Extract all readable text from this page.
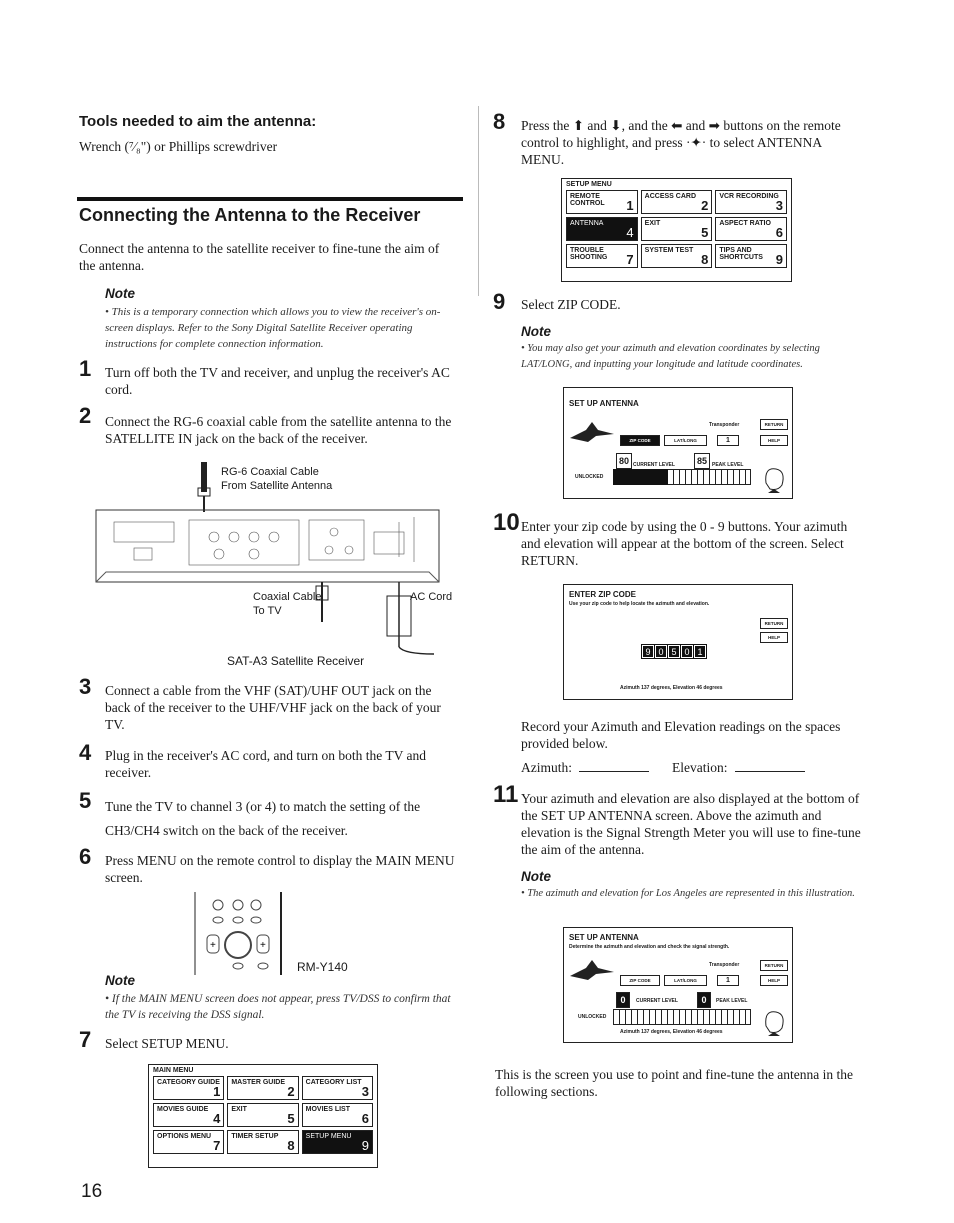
Tools needed to aim the antenna:
Wrench (⁷⁄₈") or Phillips screwdriver
Connecting the Antenna to the Receiver
Connect the antenna to the satellite receiver to fine-tune the aim of the antenna.
Note
• This is a temporary connection which allows you to view the receiver's on-screen displays. Refer to the Sony Digital Satellite Receiver operating instructions for complete connection information.
1 Turn off both the TV and receiver, and unplug the receiver's AC cord.
2 Connect the RG-6 coaxial cable from the satellite antenna to the SATELLITE IN jack on the back of the receiver.
RG-6 Coaxial Cable
From Satellite Antenna
Coaxial Cable
To TV
AC Cord
SAT-A3 Satellite Receiver
3 Connect a cable from the VHF (SAT)/UHF OUT jack on the back of the receiver to the UHF/VHF jack on the back of your TV.
4 Plug in the receiver's AC cord, and turn on both the TV and receiver.
5 Tune the TV to channel 3 (or 4) to match the setting of the CH3/CH4 switch on the back of the receiver.
6 Press MENU on the remote control to display the MAIN MENU screen.
+	+
RM-Y140
Note
• If the MAIN MENU screen does not appear, press TV/DSS to confirm that the TV is receiving the DSS signal.
7 Select SETUP MENU.
MAIN MENU
CATEGORY GUIDE
1
MASTER GUIDE
2
CATEGORY LIST
3
MOVIES GUIDE
4
EXIT
5
MOVIES LIST
6
OPTIONS MENU
7
TIMER SETUP
8
SETUP MENU
9
16
8 Press the ⬆ and ⬇, and the ⬅ and ➡ buttons on the remote control to highlight, and press ·✦· to select ANTENNA MENU.
SETUP MENU
REMOTE CONTROL 1
ACCESS CARD
2
VCR RECORDING
3
ANTENNA
4
EXIT
5
ASPECT RATIO
6
TROUBLE SHOOTING 7
SYSTEM TEST
8
TIPS AND SHORTCUTS 9
9 Select ZIP CODE.
Note
• You may also get your azimuth and elevation coordinates by selecting LAT/LONG, and inputting your longitude and latitude coordinates.
SET UP ANTENNA
Transponder	RETURN
ZIP CODE	LAT/LONG	1	HELP
80 CURRENT LEVEL	85	PEAK LEVEL
UNLOCKED
10 Enter your zip code by using the 0 - 9 buttons. Your azimuth and elevation will appear at the bottom of the screen. Select RETURN.
ENTER ZIP CODE
Use your zip code to help locate the azimuth and elevation.
RETURN
HELP
9 0 5 0 1
Azimuth 137 degrees, Elevation 46 degrees
Record your Azimuth and Elevation readings on the spaces provided below.
Azimuth:	Elevation:
11 Your azimuth and elevation are also displayed at the bottom of the SET UP ANTENNA screen. Above the azimuth and elevation is the Signal Strength Meter you will use to fine-tune the aim of the antenna.
Note
• The azimuth and elevation for Los Angeles are represented in this illustration.
SET UP ANTENNA
Determine the azimuth and elevation and check the signal strength.
Transponder	RETURN
ZIP CODE	LAT/LONG	1	HELP
0	CURRENT LEVEL	0	PEAK LEVEL
UNLOCKED
Azimuth 137 degrees, Elevation 46 degrees
This is the screen you use to point and fine-tune the antenna in the following sections.
